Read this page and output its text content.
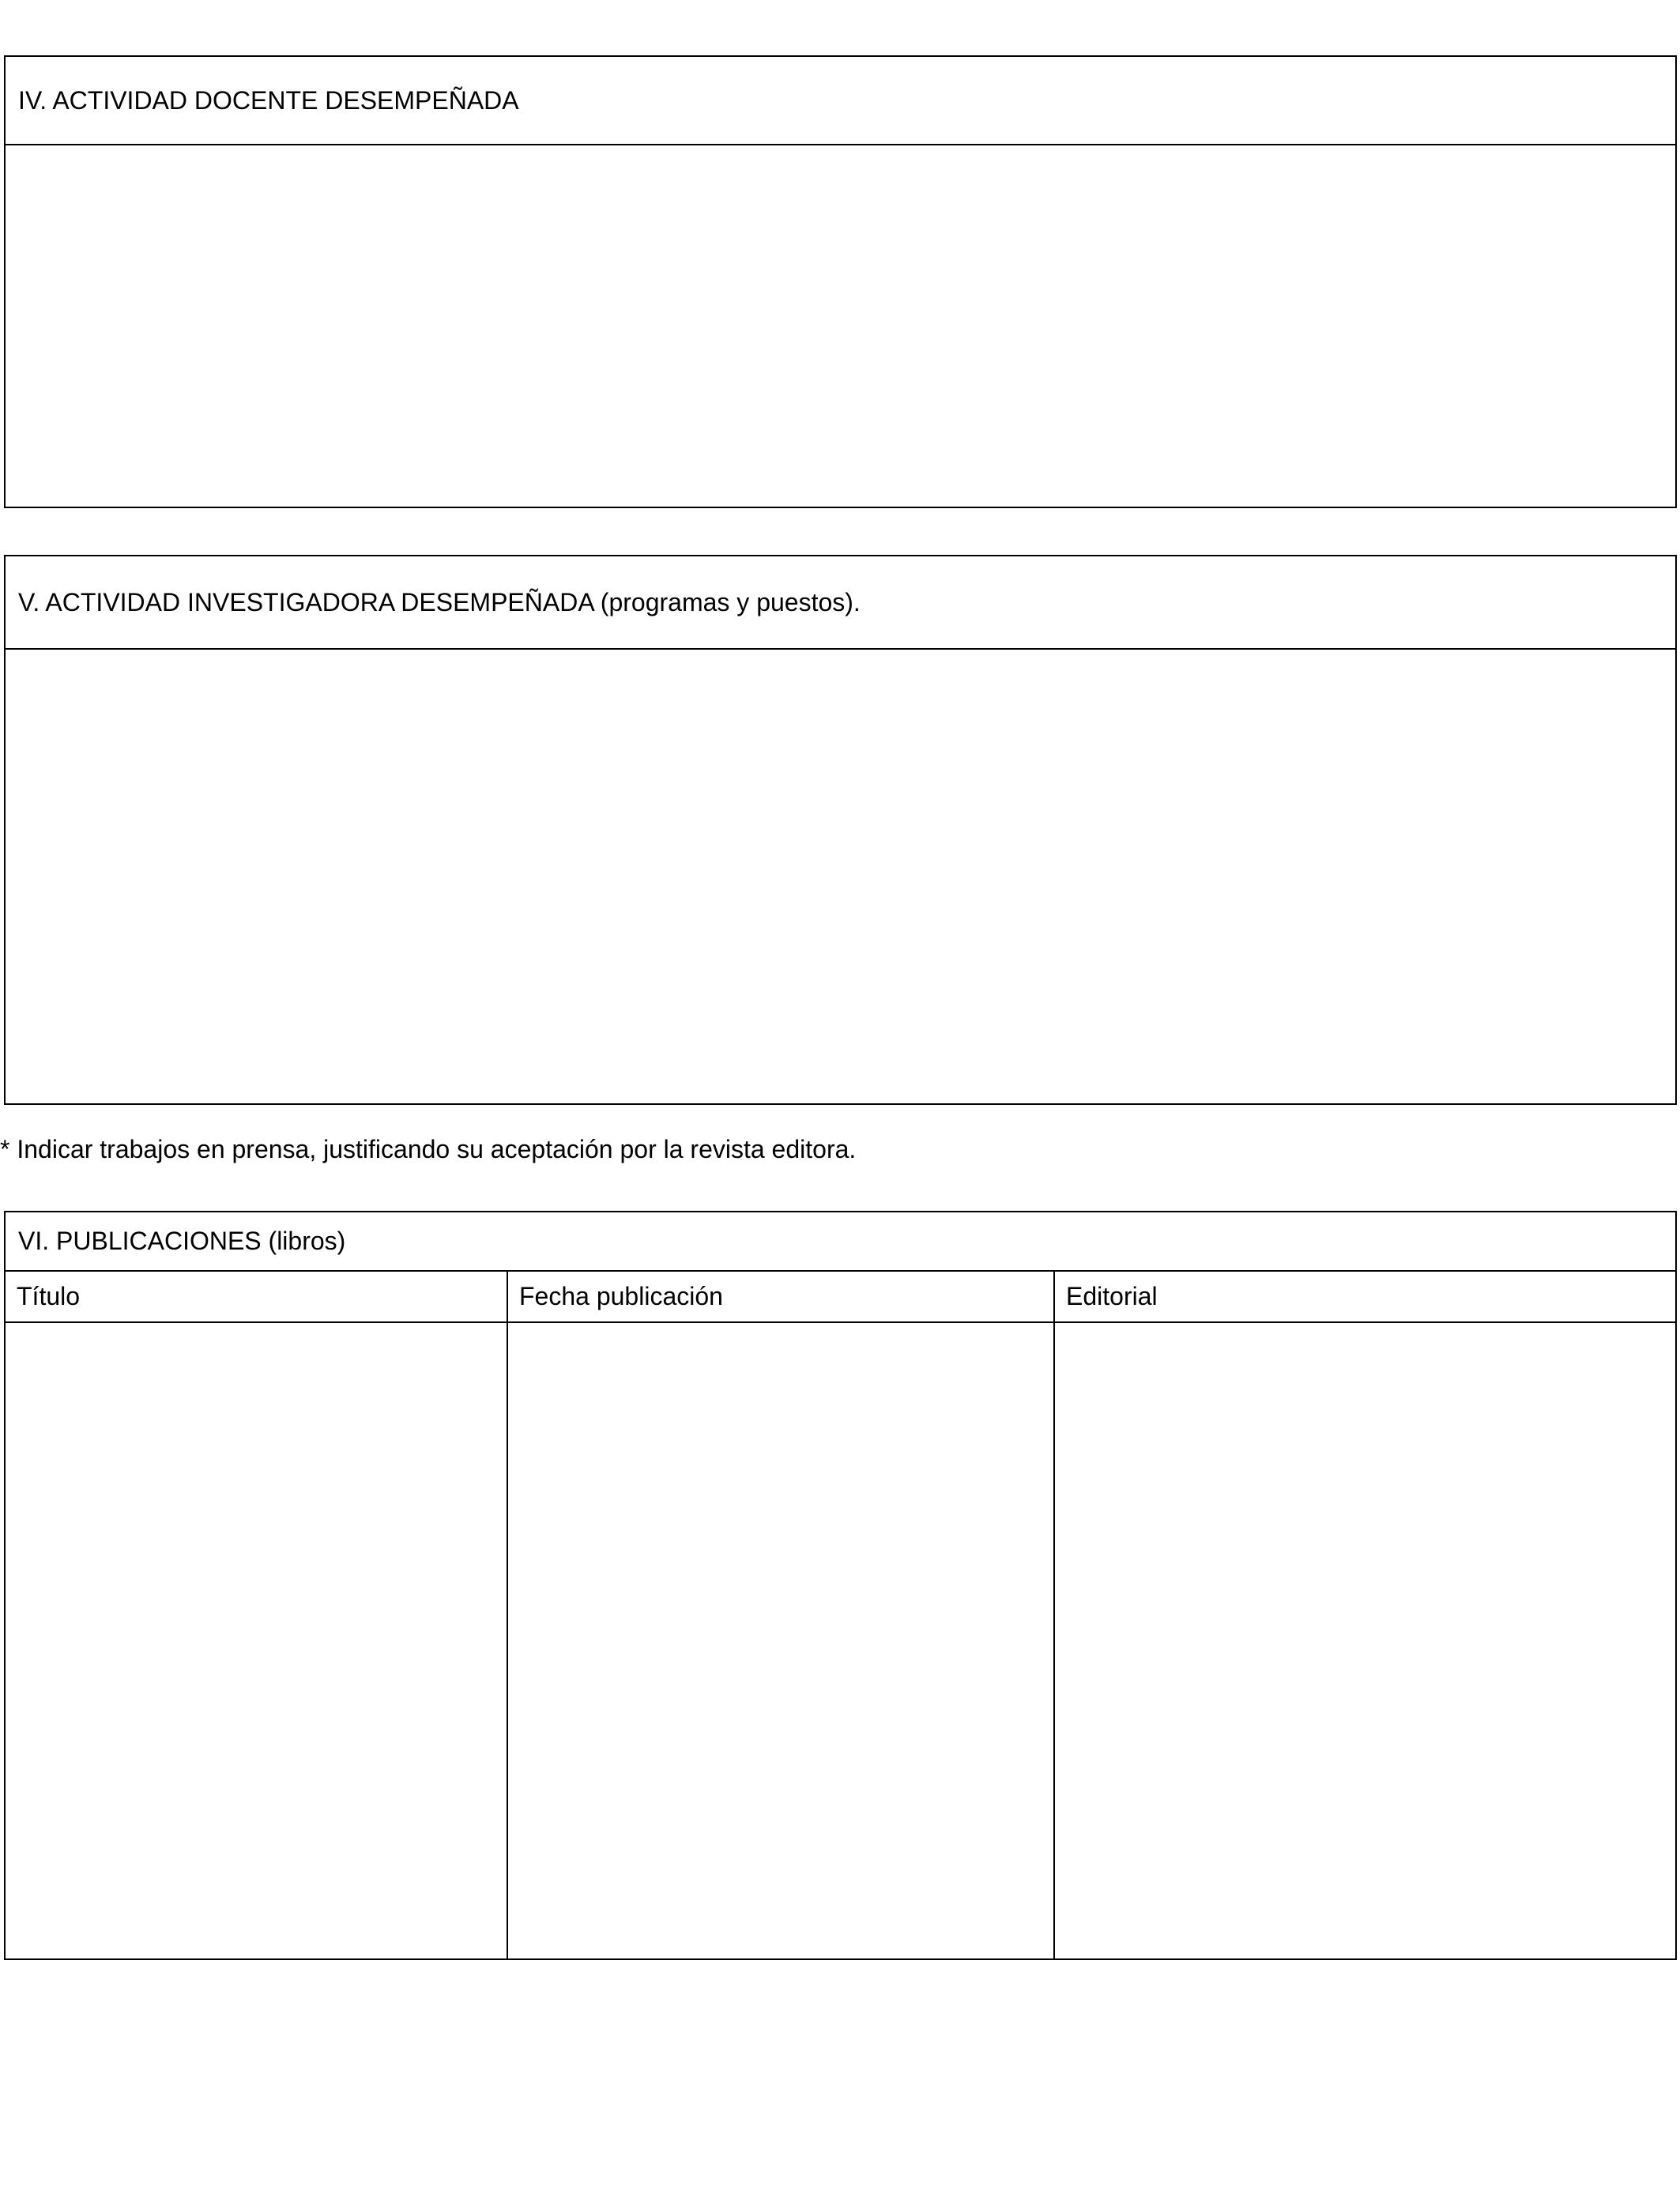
IV. ACTIVIDAD DOCENTE DESEMPEÑADA
V. ACTIVIDAD INVESTIGADORA DESEMPEÑADA (programas y puestos).
* Indicar trabajos en prensa, justificando su aceptación por la revista editora.
VI. PUBLICACIONES (libros)
Título	Fecha publicación	Editorial
